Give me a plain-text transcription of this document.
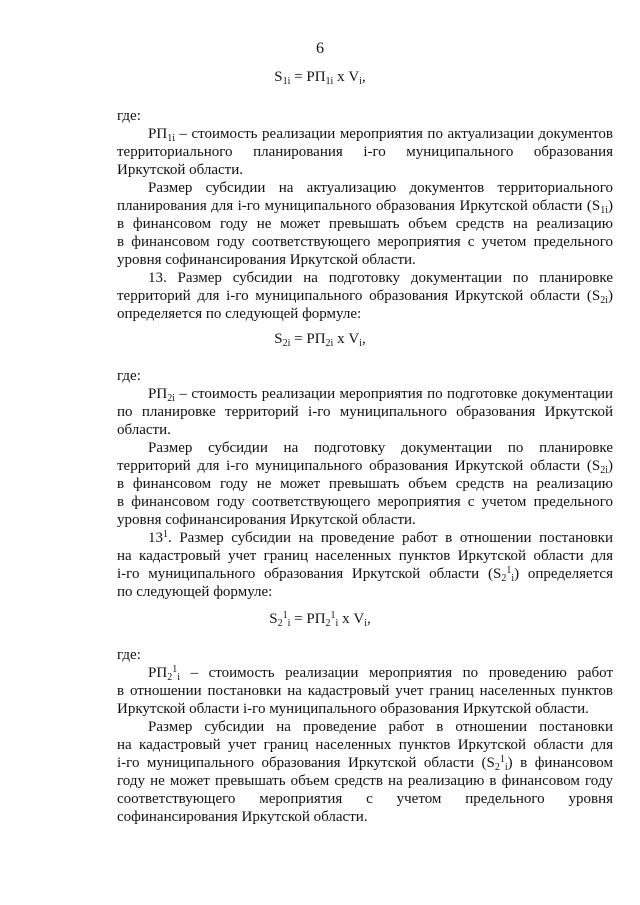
6
$S_{1i} = РП_{1i}$ х $V_i$,
где:
$РП_{1i}$ – стоимость реализации мероприятия по актуализации документов
территориального планирования i-го муниципального образования
Иркутской области.
Размер субсидии на актуализацию документов территориального
планирования для i-го муниципального образования Иркутской области $(S_{1i})$
в финансовом году не может превышать объем средств на реализацию
в финансовом году соответствующего мероприятия с учетом предельного
уровня софинансирования Иркутской области.
13. Размер субсидии на подготовку документации по планировке
территорий для i-го муниципального образования Иркутской области $(S_{2i})$
определяется по следующей формуле:
$S_{2i} = РП_{2i}$ х $V_i$,
где:
$РП_{2i}$ – стоимость реализации мероприятия по подготовке документации
по планировке территорий i-го муниципального образования Иркутской
области.
Размер субсидии на подготовку документации по планировке
территорий для i-го муниципального образования Иркутской области $(S_{2i})$
в финансовом году не может превышать объем средств на реализацию
в финансовом году соответствующего мероприятия с учетом предельного
уровня софинансирования Иркутской области.
$13^1$. Размер субсидии на проведение работ в отношении постановки
на кадастровый учет границ населенных пунктов Иркутской области для
i-го муниципального образования Иркутской области $(S_2^1_i)$ определяется
по следующей формуле:
$S_2^1_i = РП_2^1_i$ х $V_i$,
где:
$РП_2^1_i$ – стоимость реализации мероприятия по проведению работ
в отношении постановки на кадастровый учет границ населенных пунктов
Иркутской области i-го муниципального образования Иркутской области.
Размер субсидии на проведение работ в отношении постановки
на кадастровый учет границ населенных пунктов Иркутской области для
i-го муниципального образования Иркутской области $(S_2^1_i)$ в финансовом
году не может превышать объем средств на реализацию в финансовом году
соответствующего мероприятия с учетом предельного уровня
софинансирования Иркутской области.
